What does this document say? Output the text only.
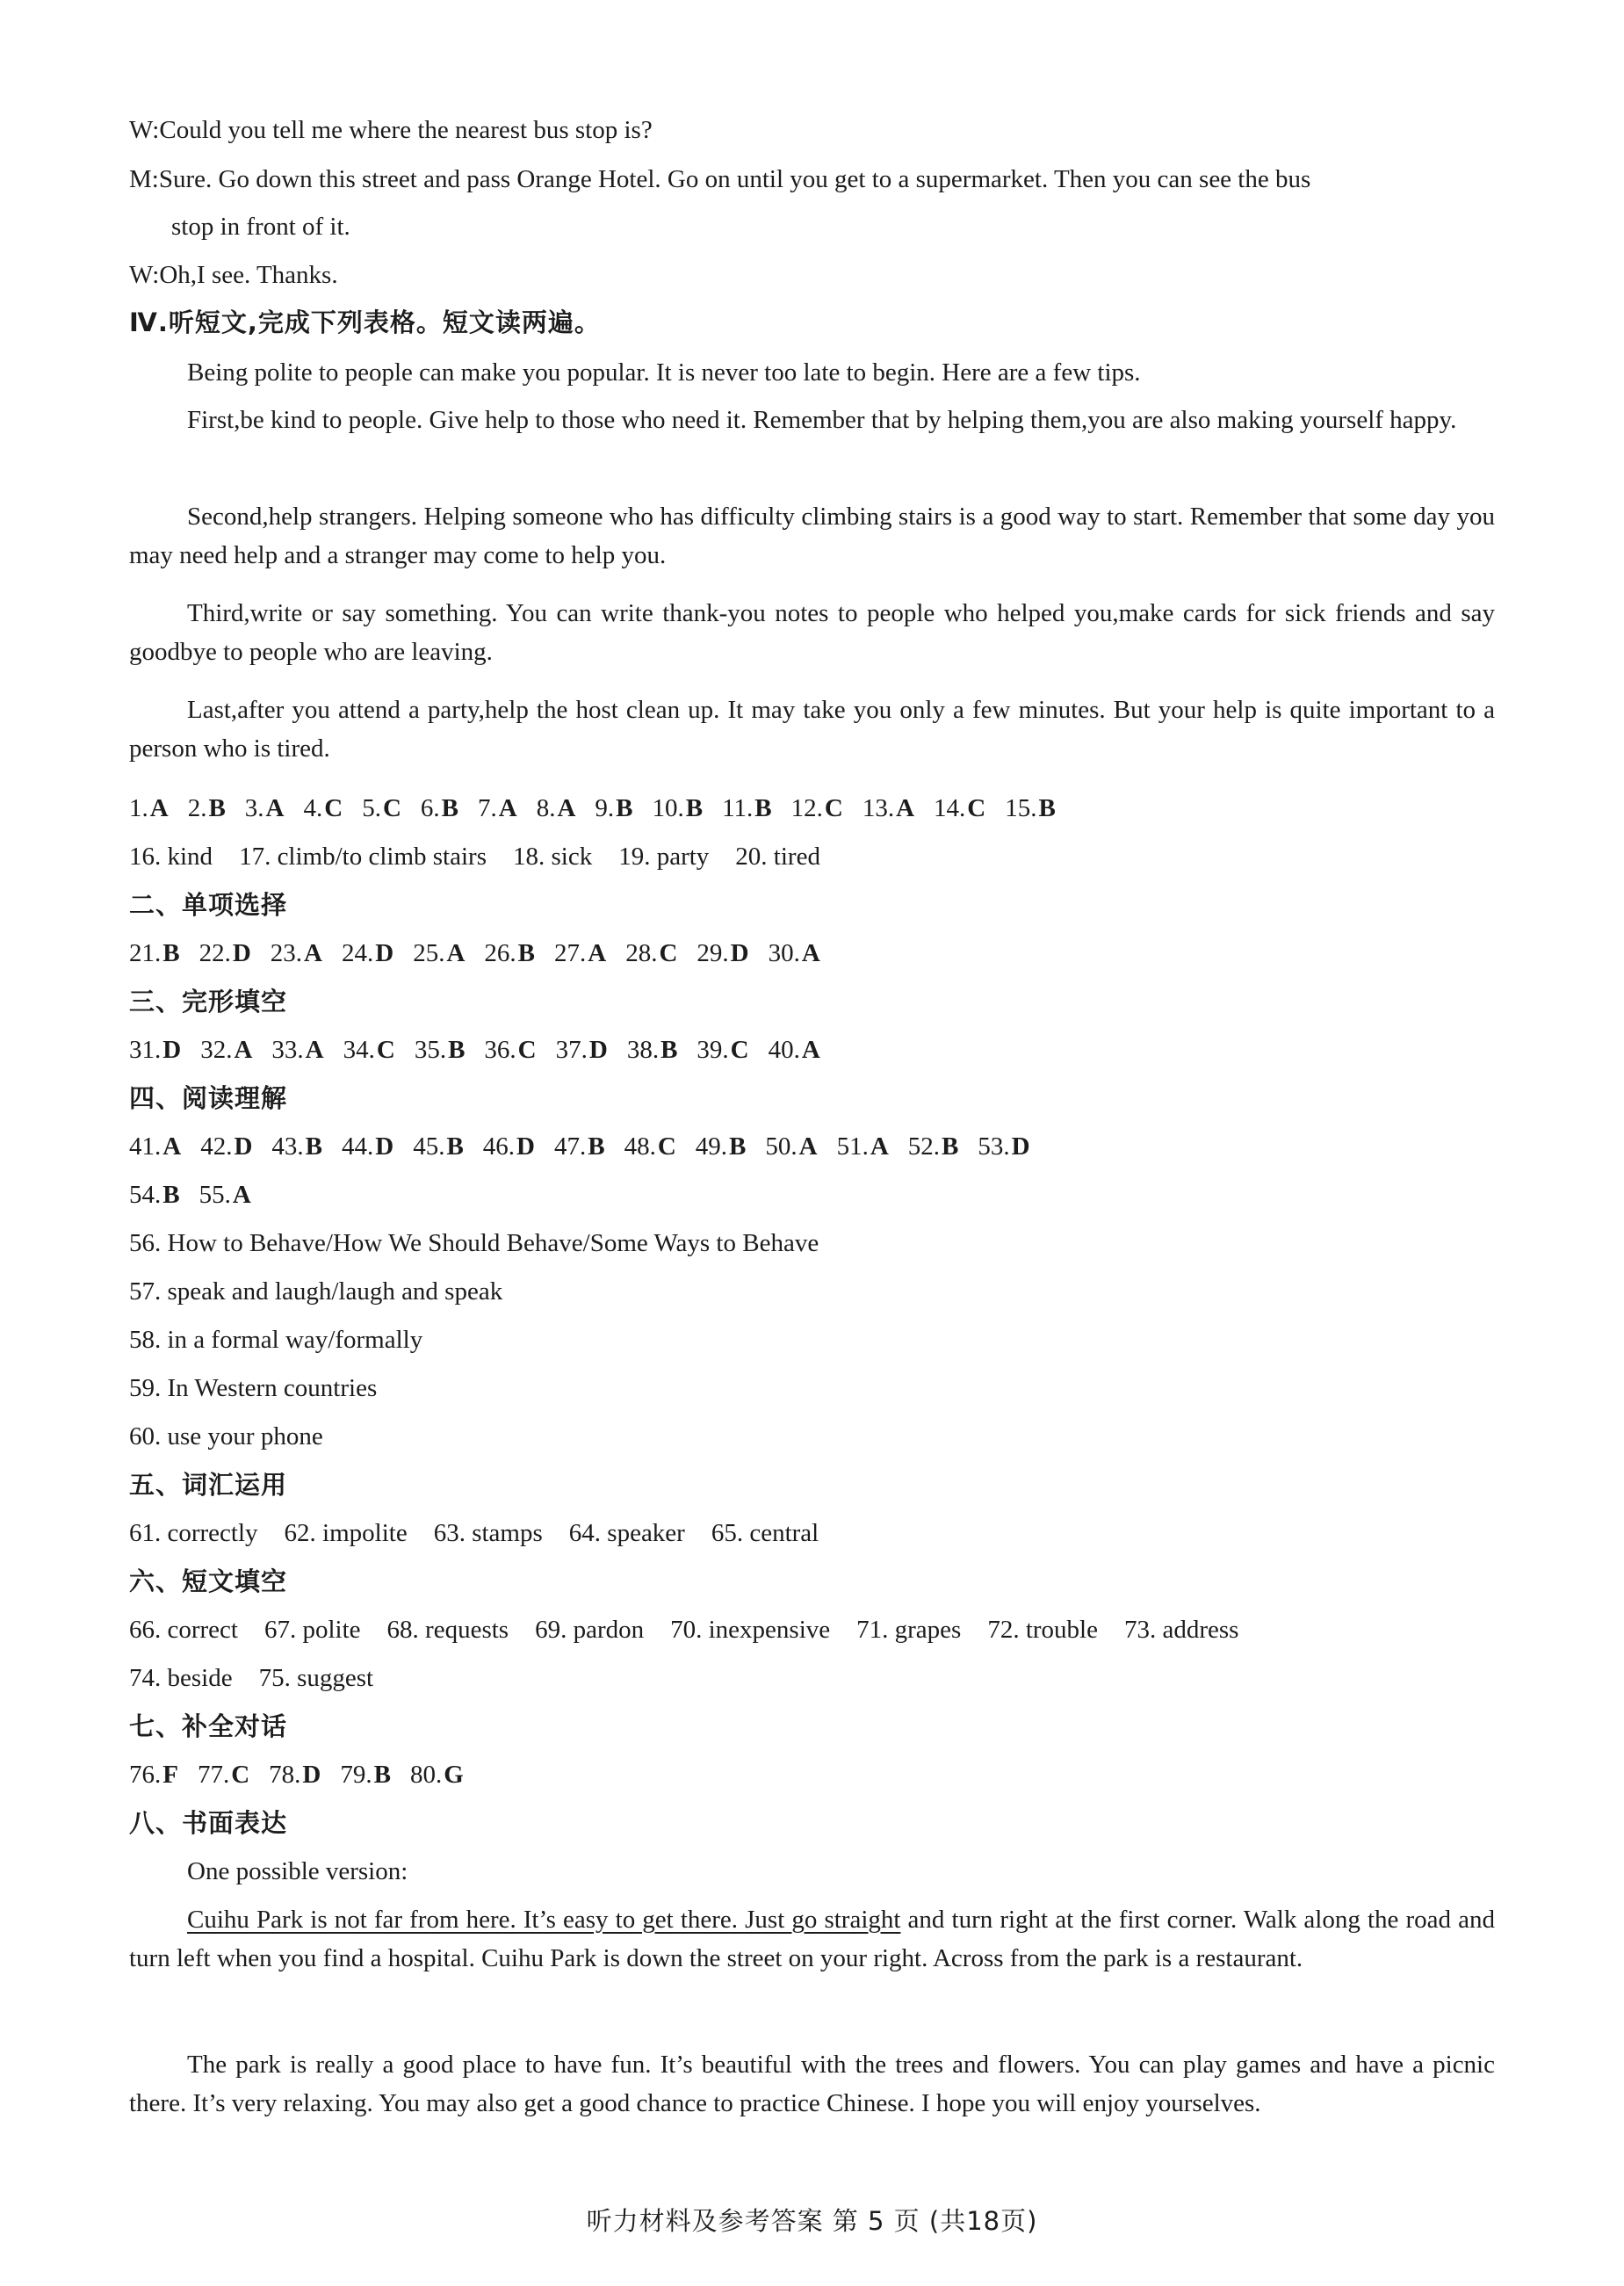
W:Could you tell me where the nearest bus stop is?
M:Sure. Go down this street and pass Orange Hotel. Go on until you get to a supermarket. Then you can see the bus
stop in front of it.
W:Oh,I see. Thanks.
Ⅳ.听短文,完成下列表格。短文读两遍。
Being polite to people can make you popular. It is never too late to begin. Here are a few tips.
First,be kind to people. Give help to those who need it. Remember that by helping them,you are also making yourself happy.
Second,help strangers. Helping someone who has difficulty climbing stairs is a good way to start. Remember that some day you may need help and a stranger may come to help you.
Third,write or say something. You can write thank-you notes to people who helped you,make cards for sick friends and say goodbye to people who are leaving.
Last,after you attend a party,help the host clean up. It may take you only a few minutes. But your help is quite important to a person who is tired.
1.A 2.B 3.A 4.C 5.C 6.B 7.A 8.A 9.B 10.B 11.B 12.C 13.A 14.C 15.B
16. kind 17. climb/to climb stairs 18. sick 19. party 20. tired
二、单项选择
21.B 22.D 23.A 24.D 25.A 26.B 27.A 28.C 29.D 30.A
三、完形填空
31.D 32.A 33.A 34.C 35.B 36.C 37.D 38.B 39.C 40.A
四、阅读理解
41.A 42.D 43.B 44.D 45.B 46.D 47.B 48.C 49.B 50.A 51.A 52.B 53.D
54.B 55.A
56. How to Behave/How We Should Behave/Some Ways to Behave
57. speak and laugh/laugh and speak
58. in a formal way/formally
59. In Western countries
60. use your phone
五、词汇运用
61. correctly 62. impolite 63. stamps 64. speaker 65. central
六、短文填空
66. correct 67. polite 68. requests 69. pardon 70. inexpensive 71. grapes 72. trouble 73. address
74. beside 75. suggest
七、补全对话
76.F 77.C 78.D 79.B 80.G
八、书面表达
One possible version:
Cuihu Park is not far from here. It’s easy to get there. Just go straight and turn right at the first corner. Walk along the road and turn left when you find a hospital. Cuihu Park is down the street on your right. Across from the park is a restaurant.
The park is really a good place to have fun. It’s beautiful with the trees and flowers. You can play games and have a picnic there. It’s very relaxing. You may also get a good chance to practice Chinese. I hope you will enjoy yourselves.
听力材料及参考答案 第 5 页 (共18页)
